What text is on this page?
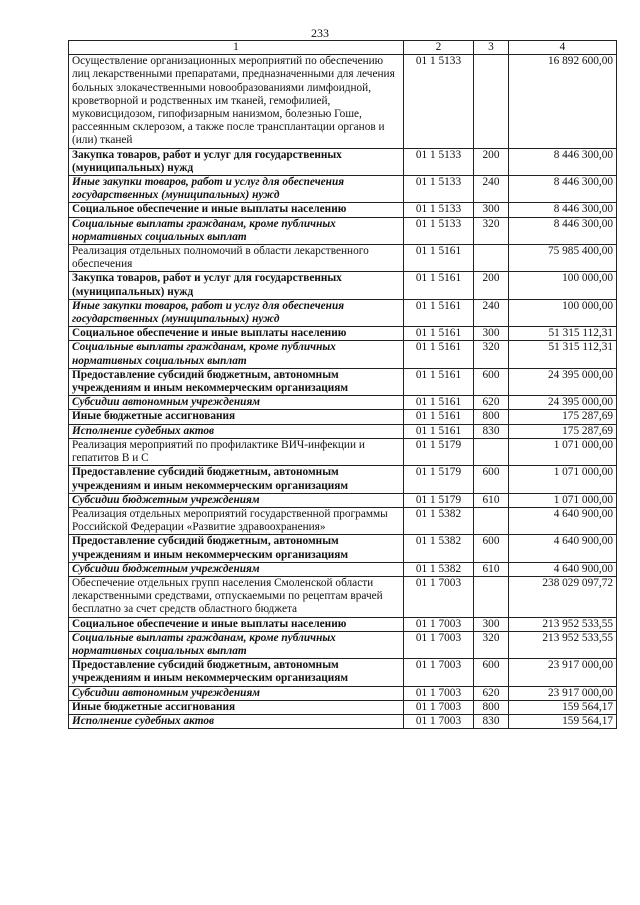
233
1	2	3	4
Осуществление организационных мероприятий по обеспечению лиц лекарственными препаратами, предназначенными для лечения больных злокачественными новообразованиями лимфоидной, кроветворной и родственных им тканей, гемофилией, муковисцидозом, гипофизарным нанизмом, болезнью Гоше, рассеянным склерозом, а также после трансплантации органов и (или) тканей	01 1 5133		16 892 600,00
Закупка товаров, работ и услуг для государственных (муниципальных) нужд	01 1 5133	200	8 446 300,00
Иные закупки товаров, работ и услуг для обеспечения государственных (муниципальных) нужд	01 1 5133	240	8 446 300,00
Социальное обеспечение и иные выплаты населению	01 1 5133	300	8 446 300,00
Социальные выплаты гражданам, кроме публичных нормативных социальных выплат	01 1 5133	320	8 446 300,00
Реализация отдельных полномочий в области лекарственного обеспечения	01 1 5161		75 985 400,00
Закупка товаров, работ и услуг для государственных (муниципальных) нужд	01 1 5161	200	100 000,00
Иные закупки товаров, работ и услуг для обеспечения государственных (муниципальных) нужд	01 1 5161	240	100 000,00
Социальное обеспечение и иные выплаты населению	01 1 5161	300	51 315 112,31
Социальные выплаты гражданам, кроме публичных нормативных социальных выплат	01 1 5161	320	51 315 112,31
Предоставление субсидий бюджетным, автономным учреждениям и иным некоммерческим организациям	01 1 5161	600	24 395 000,00
Субсидии автономным учреждениям	01 1 5161	620	24 395 000,00
Иные бюджетные ассигнования	01 1 5161	800	175 287,69
Исполнение судебных актов	01 1 5161	830	175 287,69
Реализация мероприятий по профилактике ВИЧ-инфекции и гепатитов В и С	01 1 5179		1 071 000,00
Предоставление субсидий бюджетным, автономным учреждениям и иным некоммерческим организациям	01 1 5179	600	1 071 000,00
Субсидии бюджетным учреждениям	01 1 5179	610	1 071 000,00
Реализация отдельных мероприятий государственной программы Российской Федерации «Развитие здравоохранения»	01 1 5382		4 640 900,00
Предоставление субсидий бюджетным, автономным учреждениям и иным некоммерческим организациям	01 1 5382	600	4 640 900,00
Субсидии бюджетным учреждениям	01 1 5382	610	4 640 900,00
Обеспечение отдельных групп населения Смоленской области лекарственными средствами, отпускаемыми по рецептам врачей бесплатно за счет средств областного бюджета	01 1 7003		238 029 097,72
Социальное обеспечение и иные выплаты населению	01 1 7003	300	213 952 533,55
Социальные выплаты гражданам, кроме публичных нормативных социальных выплат	01 1 7003	320	213 952 533,55
Предоставление субсидий бюджетным, автономным учреждениям и иным некоммерческим организациям	01 1 7003	600	23 917 000,00
Субсидии автономным учреждениям	01 1 7003	620	23 917 000,00
Иные бюджетные ассигнования	01 1 7003	800	159 564,17
Исполнение судебных актов	01 1 7003	830	159 564,17
